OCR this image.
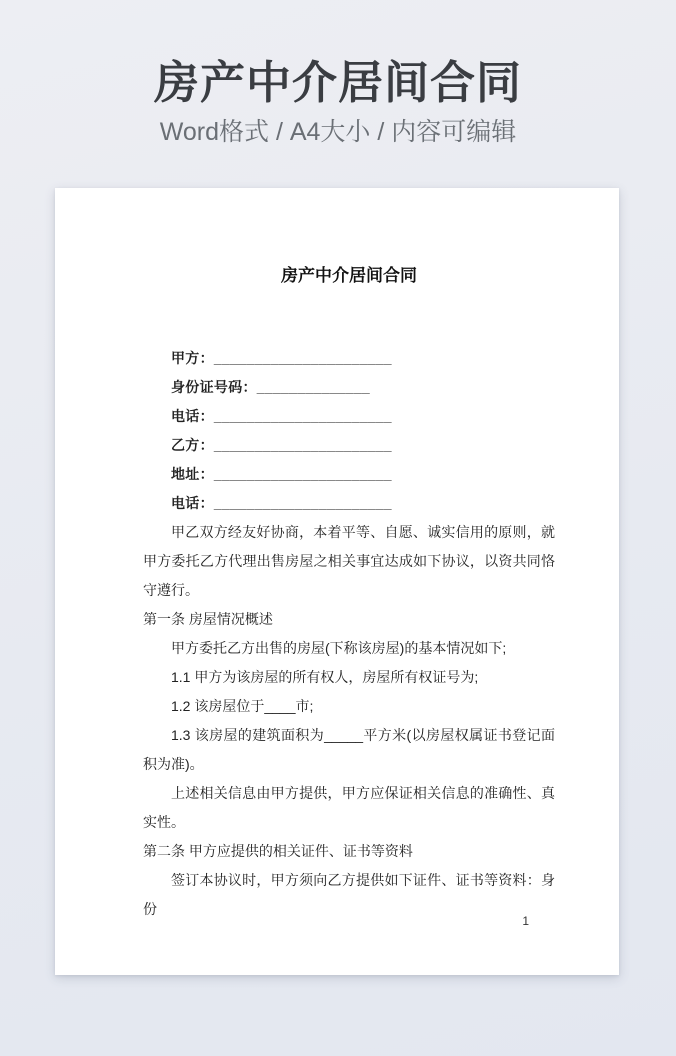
房产中介居间合同

Word格式 / A4大小 / 内容可编辑

房产中介居间合同

甲方：______________________

身份证号码：______________

电话：______________________

乙方：______________________

地址：______________________

电话：______________________

甲乙双方经友好协商，本着平等、自愿、诚实信用的原则，就甲方委托乙方代理出售房屋之相关事宜达成如下协议，以资共同恪守遵行。

第一条 房屋情况概述

甲方委托乙方出售的房屋(下称该房屋)的基本情况如下;

1.1 甲方为该房屋的所有权人，房屋所有权证号为;

1.2 该房屋位于____市;

1.3 该房屋的建筑面积为_____平方米(以房屋权属证书登记面积为准)。

上述相关信息由甲方提供，甲方应保证相关信息的准确性、真实性。

第二条 甲方应提供的相关证件、证书等资料

签订本协议时，甲方须向乙方提供如下证件、证书等资料：身份

1
